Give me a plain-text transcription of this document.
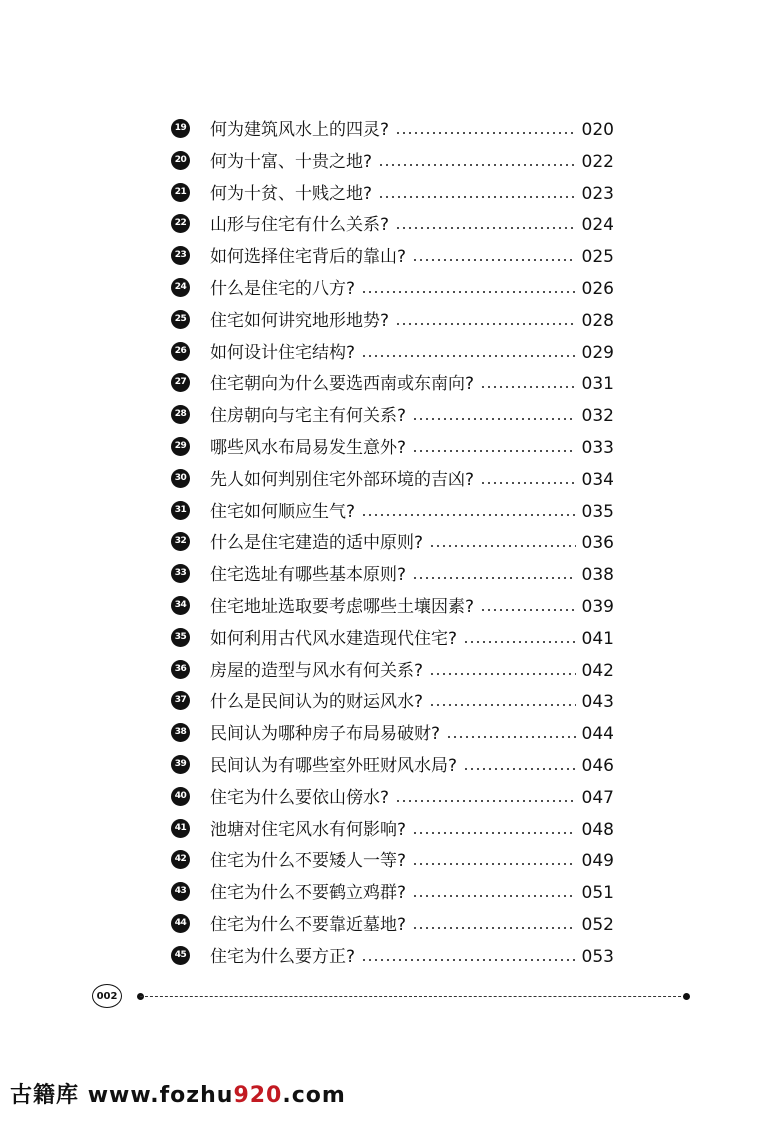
19 何为建筑风水上的四灵?	020
20 何为十富、十贵之地?	022
21 何为十贫、十贱之地?	023
22 山形与住宅有什么关系?	024
23 如何选择住宅背后的靠山?	025
24 什么是住宅的八方?	026
25 住宅如何讲究地形地势?	028
26 如何设计住宅结构?	029
27 住宅朝向为什么要选西南或东南向?	031
28 住房朝向与宅主有何关系?	032
29 哪些风水布局易发生意外?	033
30 先人如何判别住宅外部环境的吉凶?	034
31 住宅如何顺应生气?	035
32 什么是住宅建造的适中原则?	036
33 住宅选址有哪些基本原则?	038
34 住宅地址选取要考虑哪些土壤因素?	039
35 如何利用古代风水建造现代住宅?	041
36 房屋的造型与风水有何关系?	042
37 什么是民间认为的财运风水?	043
38 民间认为哪种房子布局易破财?	044
39 民间认为有哪些室外旺财风水局?	046
40 住宅为什么要依山傍水?	047
41 池塘对住宅风水有何影响?	048
42 住宅为什么不要矮人一等?	049
43 住宅为什么不要鹤立鸡群?	051
44 住宅为什么不要靠近墓地?	052
45 住宅为什么要方正?	053
002
古籍库 www.fozhu920.com
